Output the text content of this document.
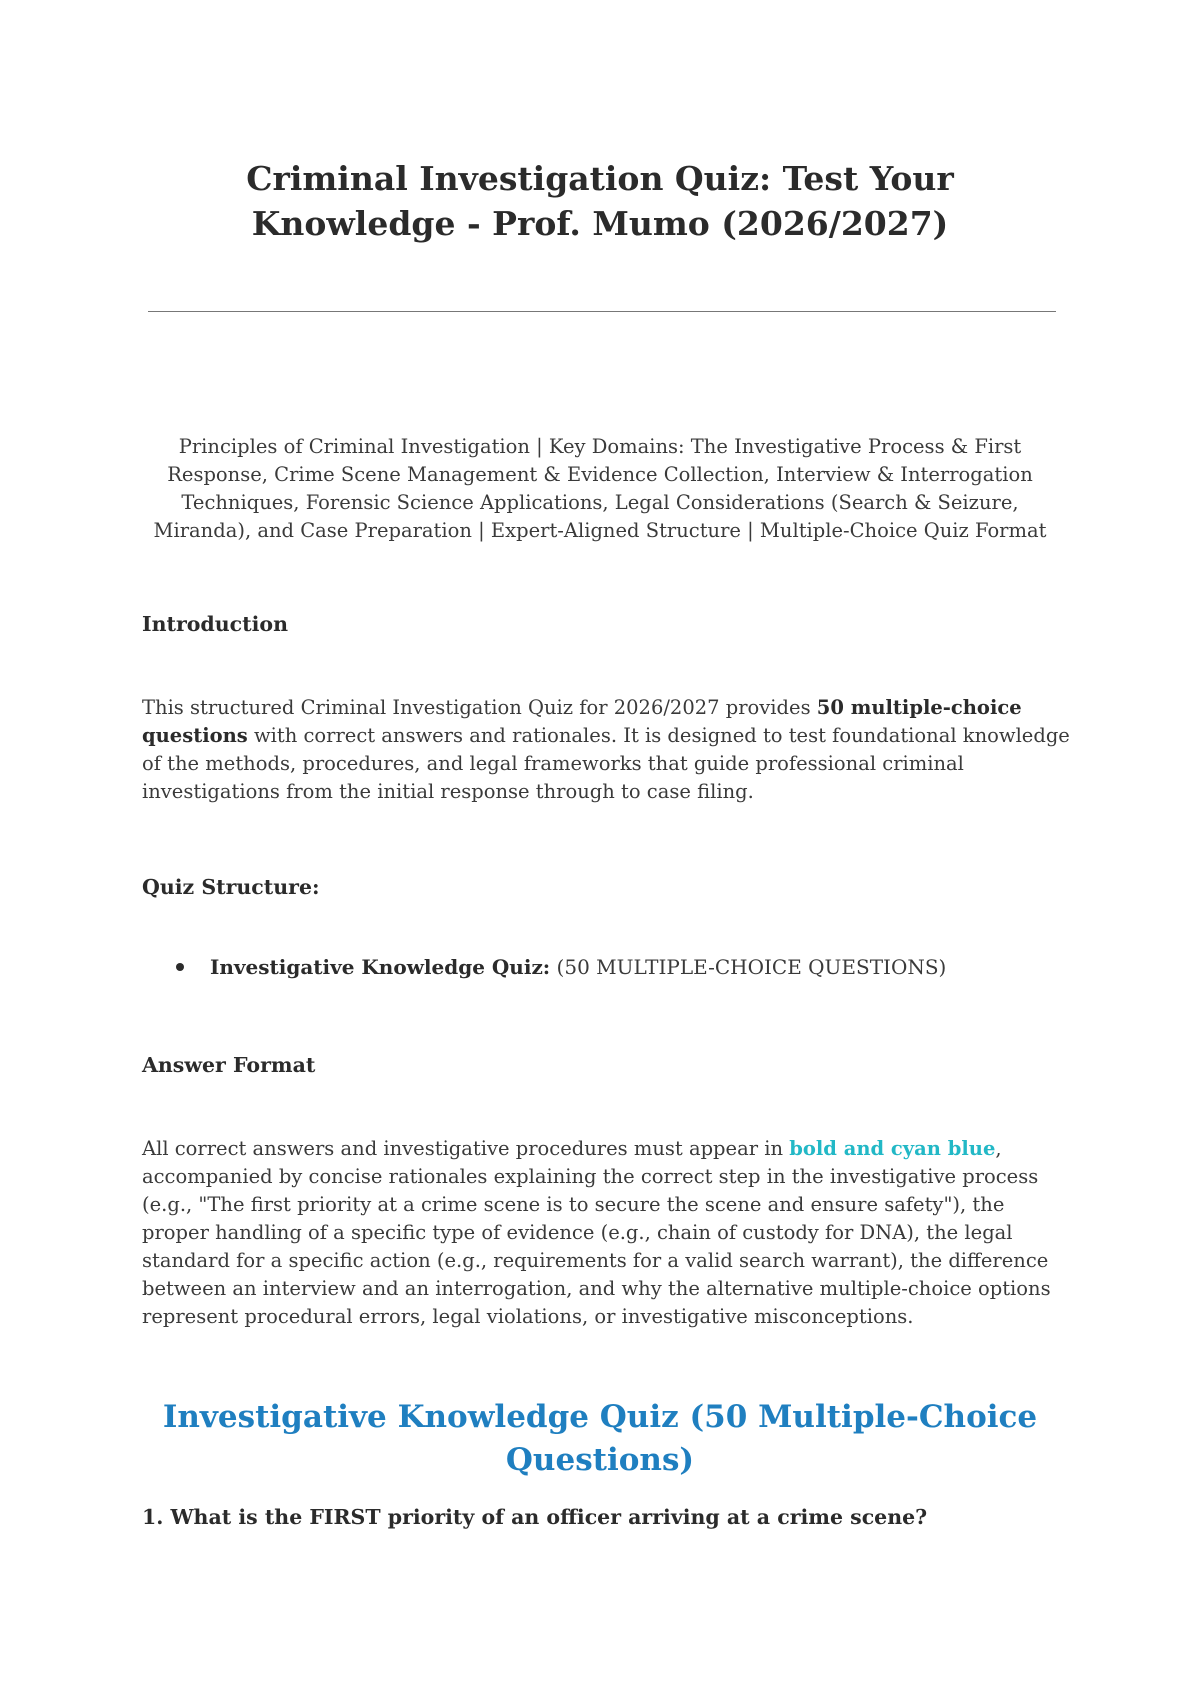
Criminal Investigation Quiz: Test Your Knowledge - Prof. Mumo (2026/2027)

Principles of Criminal Investigation | Key Domains: The Investigative Process & First Response, Crime Scene Management & Evidence Collection, Interview & Interrogation Techniques, Forensic Science Applications, Legal Considerations (Search & Seizure, Miranda), and Case Preparation | Expert-Aligned Structure | Multiple-Choice Quiz Format

Introduction

This structured Criminal Investigation Quiz for 2026/2027 provides 50 multiple-choice questions with correct answers and rationales. It is designed to test foundational knowledge of the methods, procedures, and legal frameworks that guide professional criminal investigations from the initial response through to case filing.

Quiz Structure:

Investigative Knowledge Quiz: (50 MULTIPLE-CHOICE QUESTIONS)

Answer Format

All correct answers and investigative procedures must appear in bold and cyan blue, accompanied by concise rationales explaining the correct step in the investigative process (e.g., "The first priority at a crime scene is to secure the scene and ensure safety"), the proper handling of a specific type of evidence (e.g., chain of custody for DNA), the legal standard for a specific action (e.g., requirements for a valid search warrant), the difference between an interview and an interrogation, and why the alternative multiple-choice options represent procedural errors, legal violations, or investigative misconceptions.

Investigative Knowledge Quiz (50 Multiple-Choice Questions)

1. What is the FIRST priority of an officer arriving at a crime scene?
